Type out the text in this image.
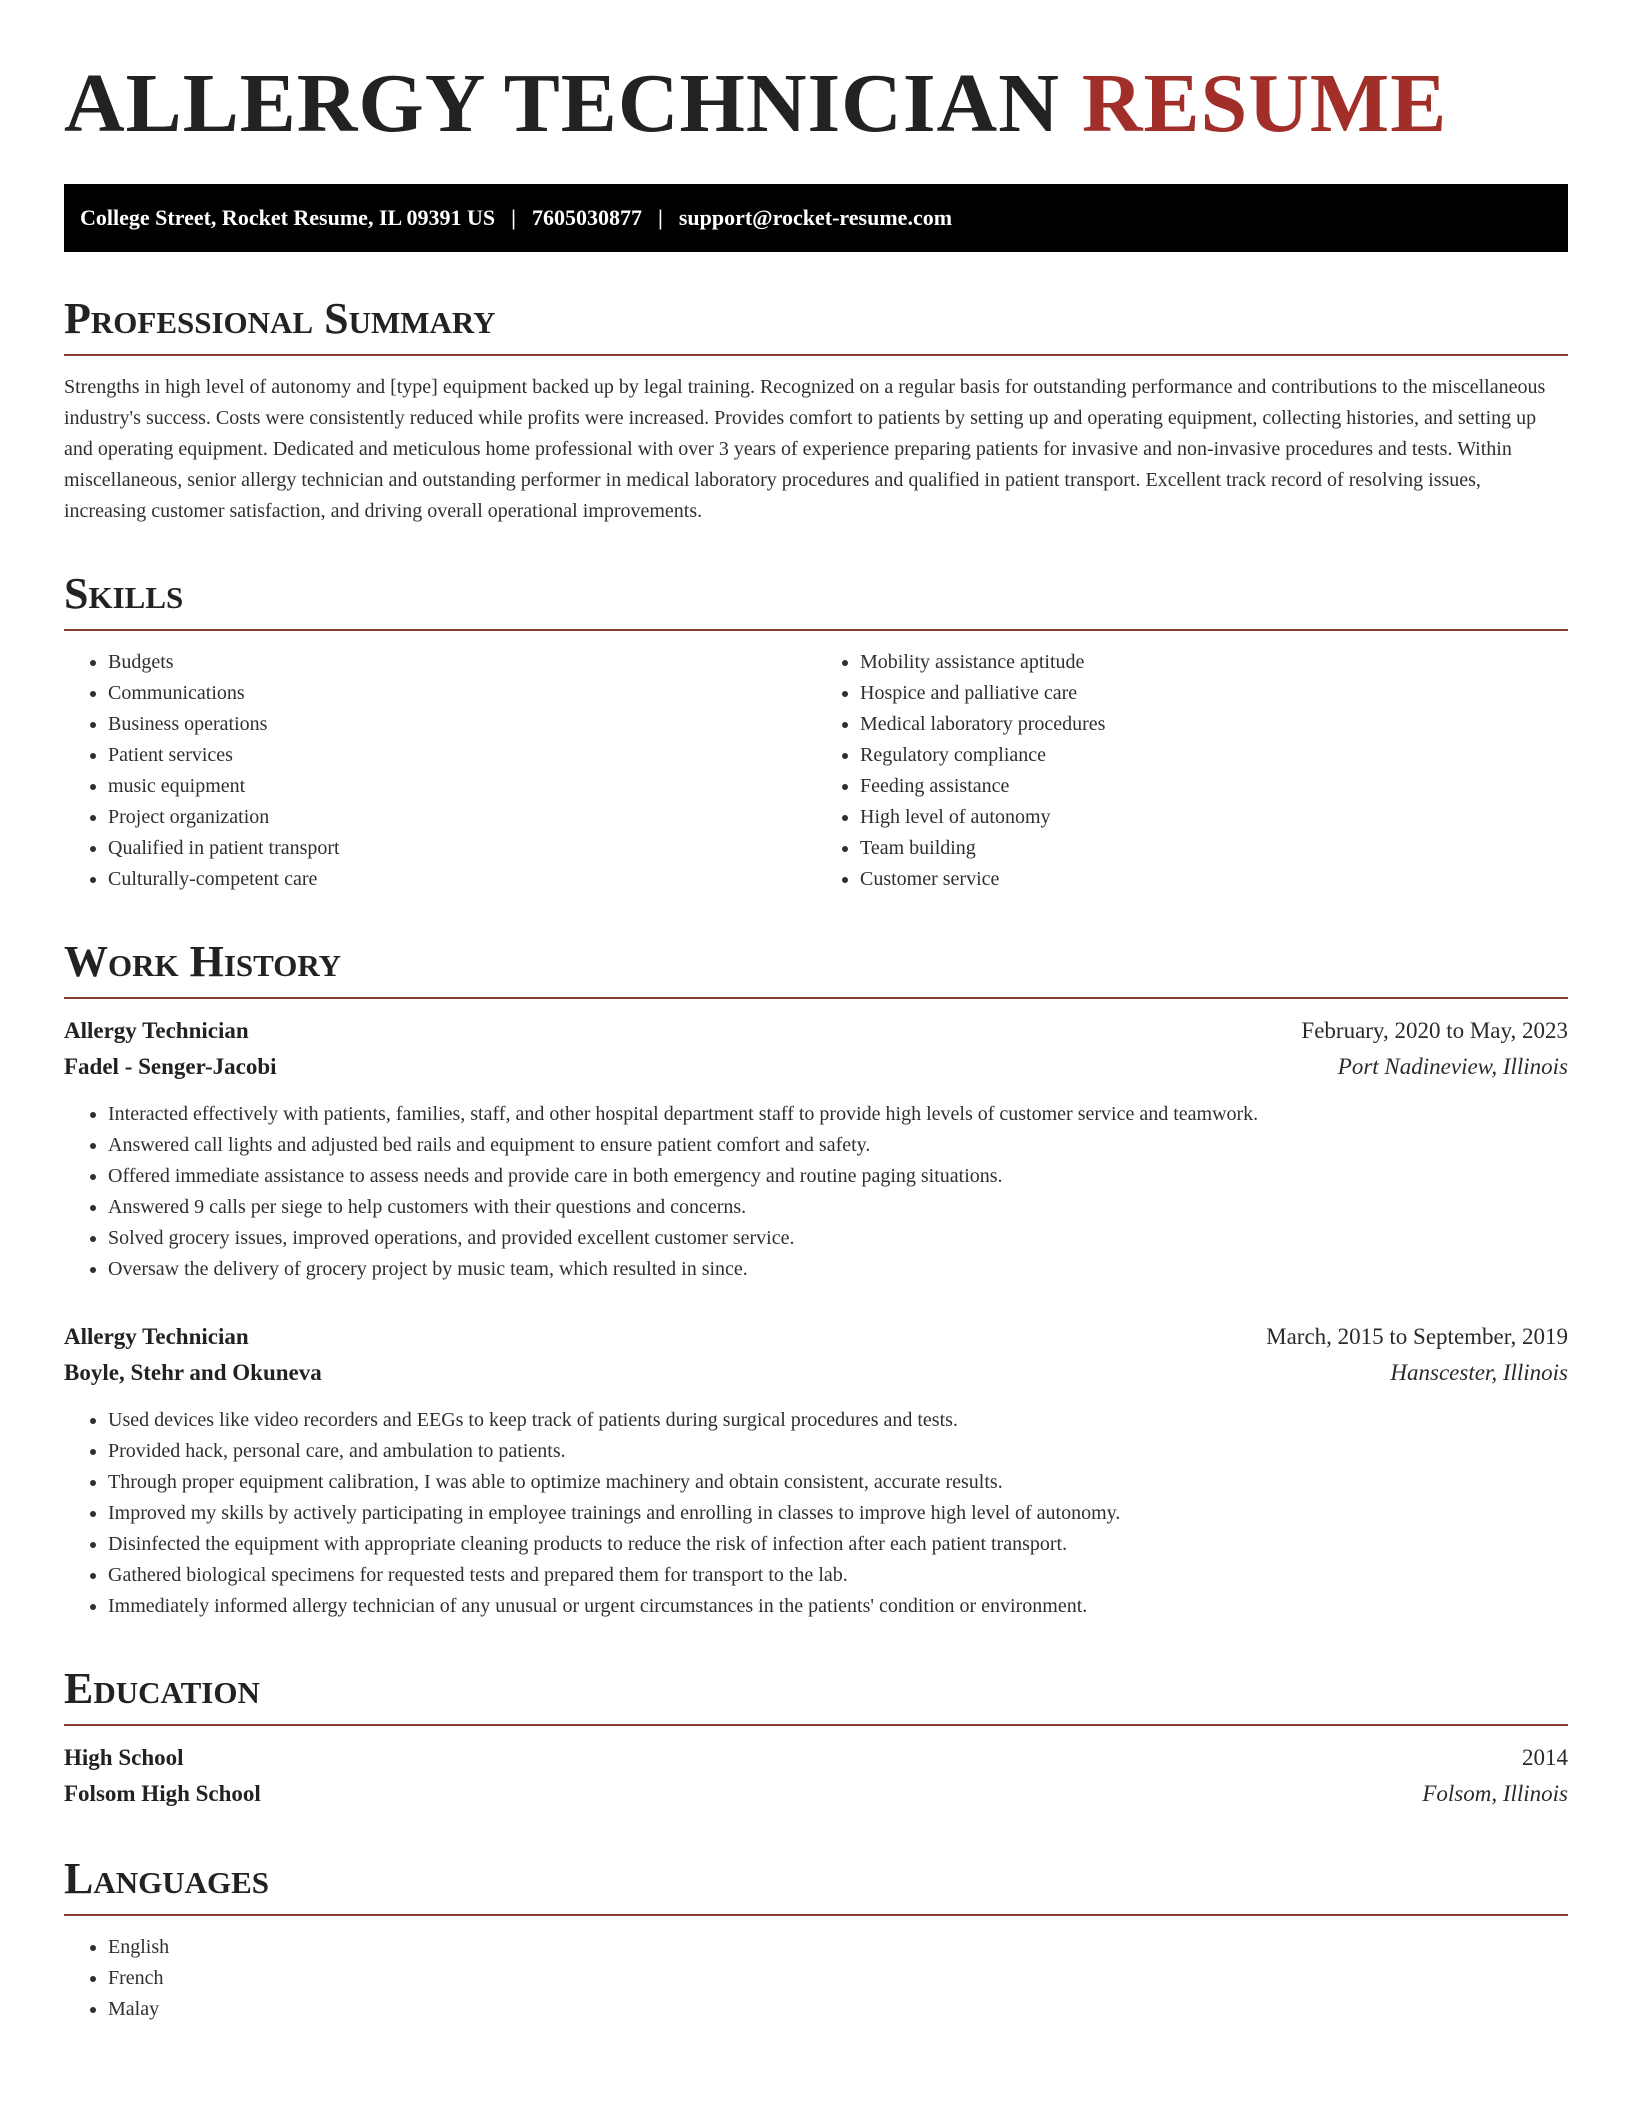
ALLERGY TECHNICIAN RESUME
College Street, Rocket Resume, IL 09391 US | 7605030877 | support@rocket-resume.com
Professional Summary

Strengths in high level of autonomy and [type] equipment backed up by legal training. Recognized on a regular basis for outstanding performance and contributions to the miscellaneous industry's success. Costs were consistently reduced while profits were increased. Provides comfort to patients by setting up and operating equipment, collecting histories, and setting up and operating equipment. Dedicated and meticulous home professional with over 3 years of experience preparing patients for invasive and non-invasive procedures and tests. Within miscellaneous, senior allergy technician and outstanding performer in medical laboratory procedures and qualified in patient transport. Excellent track record of resolving issues, increasing customer satisfaction, and driving overall operational improvements.

Skills
• Budgets
• Communications
• Business operations
• Patient services
• music equipment
• Project organization
• Qualified in patient transport
• Culturally-competent care
• Mobility assistance aptitude
• Hospice and palliative care
• Medical laboratory procedures
• Regulatory compliance
• Feeding assistance
• High level of autonomy
• Team building
• Customer service
Work History
Allergy Technician	February, 2020 to May, 2023
Fadel - Senger-Jacobi	Port Nadineview, Illinois
• Interacted effectively with patients, families, staff, and other hospital department staff to provide high levels of customer service and teamwork.
• Answered call lights and adjusted bed rails and equipment to ensure patient comfort and safety.
• Offered immediate assistance to assess needs and provide care in both emergency and routine paging situations.
• Answered 9 calls per siege to help customers with their questions and concerns.
• Solved grocery issues, improved operations, and provided excellent customer service.
• Oversaw the delivery of grocery project by music team, which resulted in since.
Allergy Technician	March, 2015 to September, 2019
Boyle, Stehr and Okuneva	Hanscester, Illinois
• Used devices like video recorders and EEGs to keep track of patients during surgical procedures and tests.
• Provided hack, personal care, and ambulation to patients.
• Through proper equipment calibration, I was able to optimize machinery and obtain consistent, accurate results.
• Improved my skills by actively participating in employee trainings and enrolling in classes to improve high level of autonomy.
• Disinfected the equipment with appropriate cleaning products to reduce the risk of infection after each patient transport.
• Gathered biological specimens for requested tests and prepared them for transport to the lab.
• Immediately informed allergy technician of any unusual or urgent circumstances in the patients' condition or environment.
Education
High School	2014
Folsom High School	Folsom, Illinois
Languages
• English
• French
• Malay
